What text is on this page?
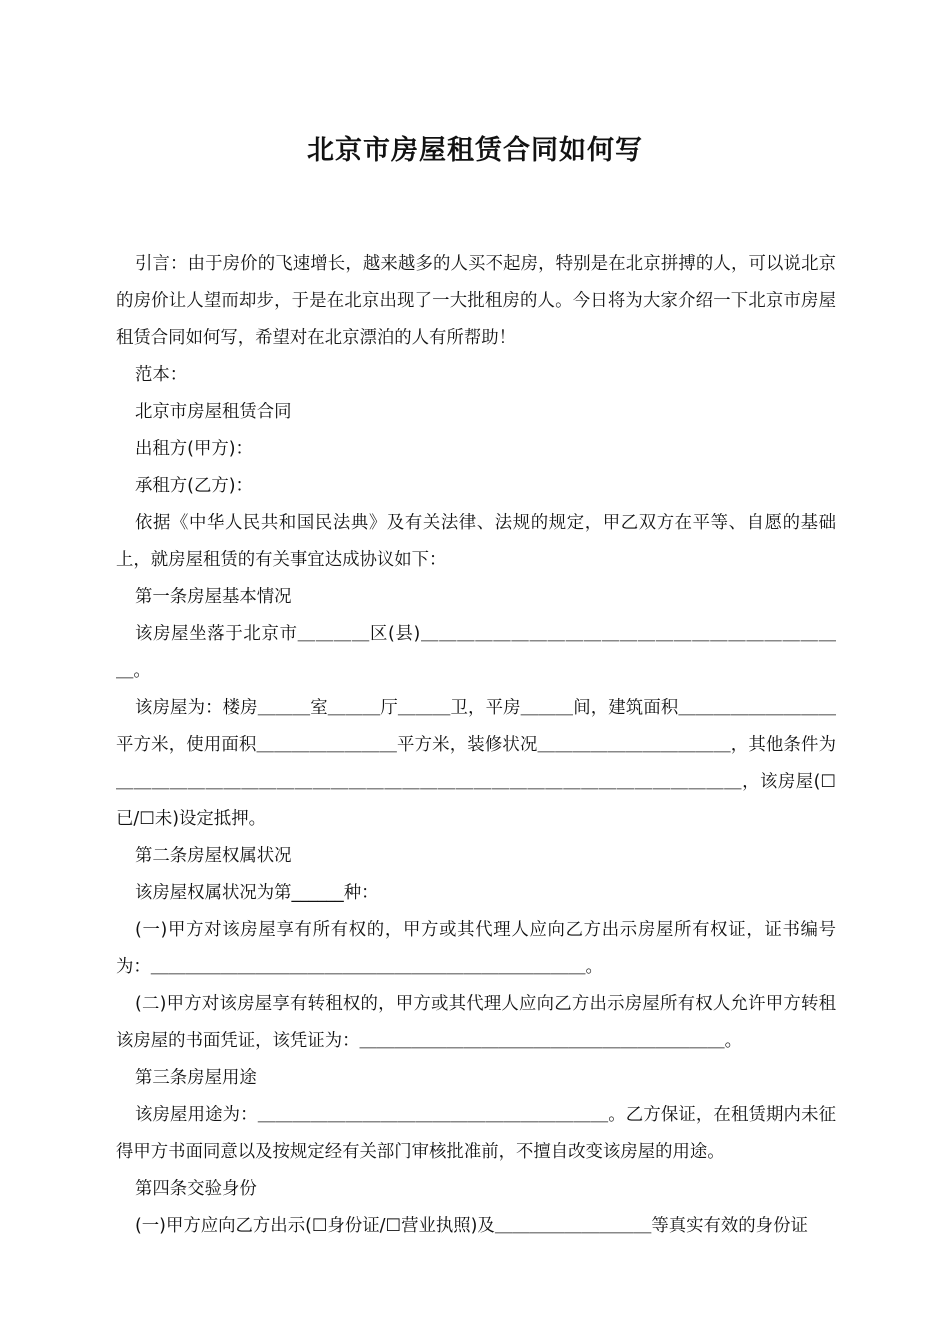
北京市房屋租赁合同如何写

引言：由于房价的飞速增长，越来越多的人买不起房，特别是在北京拼搏的人，可以说北京的房价让人望而却步，于是在北京出现了一大批租房的人。今日将为大家介绍一下北京市房屋租赁合同如何写，希望对在北京漂泊的人有所帮助！

范本：

北京市房屋租赁合同

出租方(甲方)：

承租方(乙方)：

依据《中华人民共和国民法典》及有关法律、法规的规定，甲乙双方在平等、自愿的基础上，就房屋租赁的有关事宜达成协议如下：

第一条房屋基本情况

该房屋坐落于北京市＿＿＿＿区(县)＿＿＿＿＿＿＿＿＿＿＿＿＿＿＿＿＿＿＿＿＿＿＿＿。

该房屋为：楼房＿＿＿室＿＿＿厅＿＿＿卫，平房＿＿＿间，建筑面积＿＿＿＿＿＿＿＿＿平方米，使用面积＿＿＿＿＿＿＿＿平方米，装修状况＿＿＿＿＿＿＿＿＿＿＿，其他条件为＿＿＿＿＿＿＿＿＿＿＿＿＿＿＿＿＿＿＿＿＿＿＿＿＿＿＿＿＿＿＿＿＿＿＿，该房屋(☐已/☐未)设定抵押。

第二条房屋权属状况

该房屋权属状况为第______种：

(一)甲方对该房屋享有所有权的，甲方或其代理人应向乙方出示房屋所有权证，证书编号为：＿＿＿＿＿＿＿＿＿＿＿＿＿＿＿＿＿＿＿＿＿＿＿＿＿。

(二)甲方对该房屋享有转租权的，甲方或其代理人应向乙方出示房屋所有权人允许甲方转租该房屋的书面凭证，该凭证为：＿＿＿＿＿＿＿＿＿＿＿＿＿＿＿＿＿＿＿＿＿。

第三条房屋用途

该房屋用途为：＿＿＿＿＿＿＿＿＿＿＿＿＿＿＿＿＿＿＿＿。乙方保证，在租赁期内未征得甲方书面同意以及按规定经有关部门审核批准前，不擅自改变该房屋的用途。

第四条交验身份

(一)甲方应向乙方出示(☐身份证/☐营业执照)及＿＿＿＿＿＿＿＿＿等真实有效的身份证
